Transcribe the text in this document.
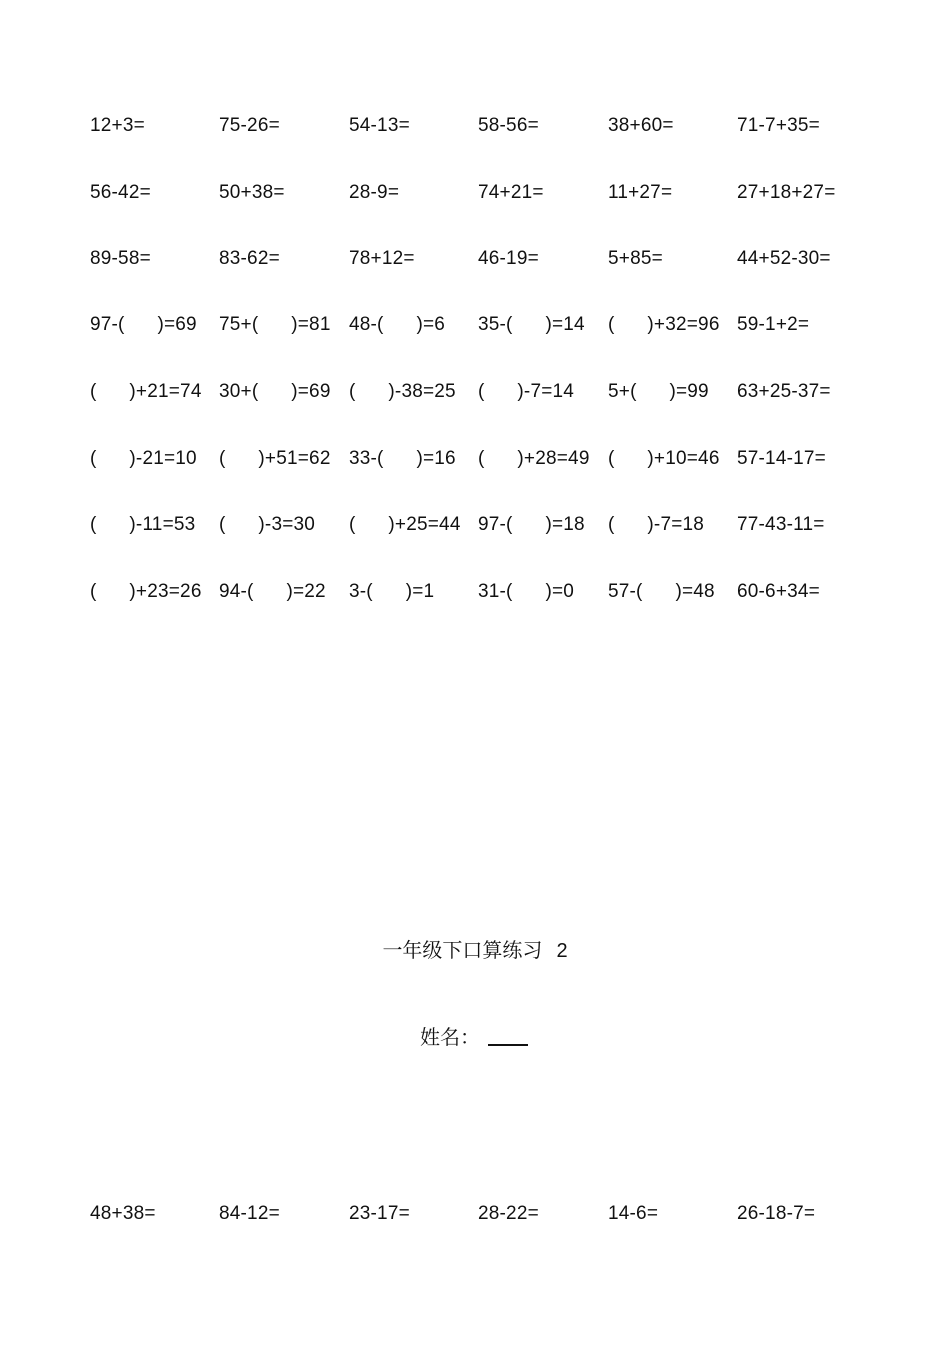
12+3=	75-26=	54-13=	58-56=	38+60=	71-7+35=
56-42=	50+38=	28-9=	74+21=	11+27=	27+18+27=
89-58=	83-62=	78+12=	46-19=	5+85=	44+52-30=
97-(      )=69 75+(      )=81 48-(      )=6 35-(      )=14 (      )+32=96 59-1+2=
(      )+21=74 30+(      )=69 (      )-38=25 (      )-7=14 5+(      )=99 63+25-37=
(      )-21=10 (      )+51=62 33-(      )=16 (      )+28=49 (      )+10=46 57-14-17=
(      )-11=53 (      )-3=30 (      )+25=44 97-(      )=18 (      )-7=18 77-43-11=
(      )+23=26 94-(      )=22 3-(      )=1 31-(      )=0 57-(      )=48 60-6+34=
一年级下口算练习 2
姓名：
48+38=	84-12=	23-17=	28-22=	14-6=	26-18-7=
